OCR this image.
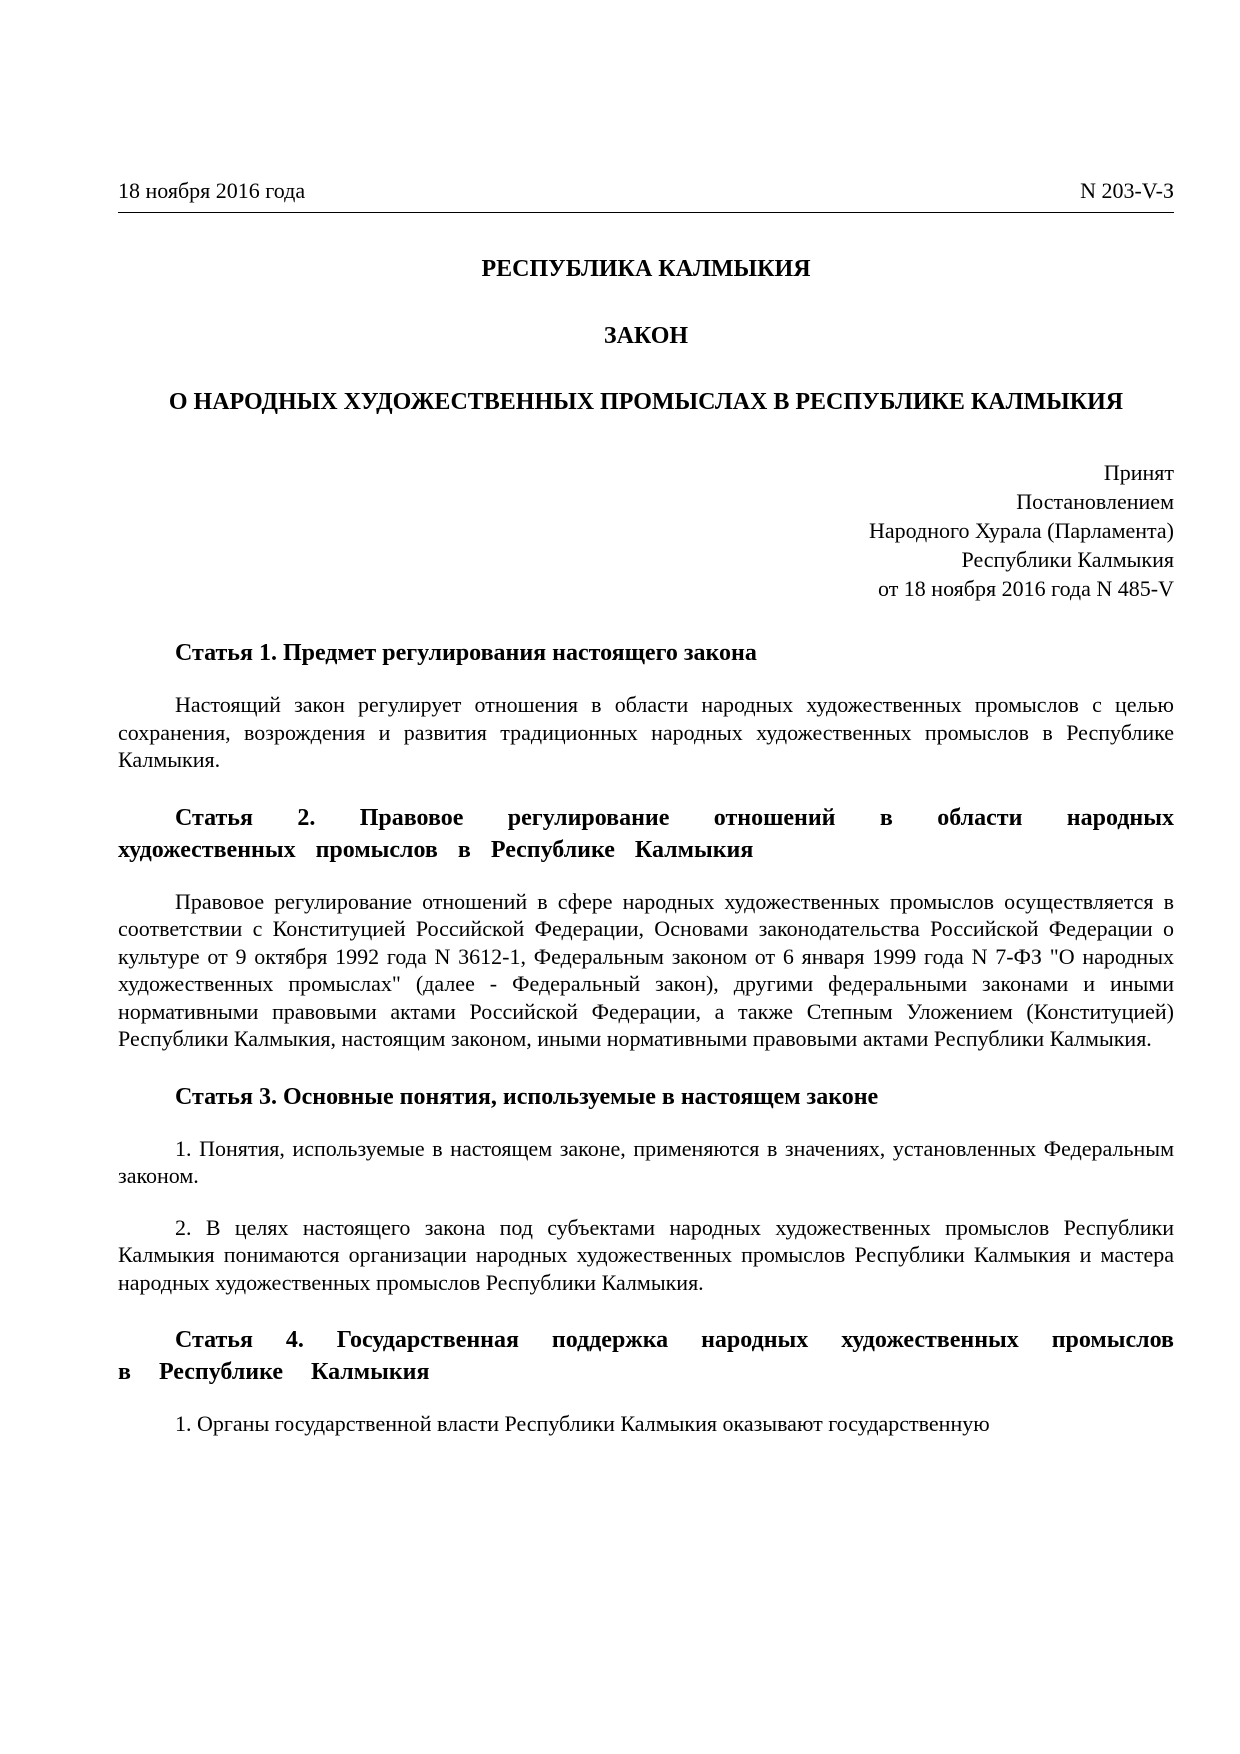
18 ноября 2016 года	N 203-V-З
РЕСПУБЛИКА КАЛМЫКИЯ
ЗАКОН
О НАРОДНЫХ ХУДОЖЕСТВЕННЫХ ПРОМЫСЛАХ В РЕСПУБЛИКЕ КАЛМЫКИЯ
Принят
Постановлением
Народного Хурала (Парламента)
Республики Калмыкия
от 18 ноября 2016 года N 485-V
Статья 1. Предмет регулирования настоящего закона

Настоящий закон регулирует отношения в области народных художественных промыслов с целью сохранения, возрождения и развития традиционных народных художественных промыслов в Республике Калмыкия.

Статья 2. Правовое регулирование отношений в области народных художественных промыслов в Республике Калмыкия

Правовое регулирование отношений в сфере народных художественных промыслов осуществляется в соответствии с Конституцией Российской Федерации, Основами законодательства Российской Федерации о культуре от 9 октября 1992 года N 3612-1, Федеральным законом от 6 января 1999 года N 7-ФЗ "О народных художественных промыслах" (далее - Федеральный закон), другими федеральными законами и иными нормативными правовыми актами Российской Федерации, а также Степным Уложением (Конституцией) Республики Калмыкия, настоящим законом, иными нормативными правовыми актами Республики Калмыкия.

Статья 3. Основные понятия, используемые в настоящем законе

1. Понятия, используемые в настоящем законе, применяются в значениях, установленных Федеральным законом.

2. В целях настоящего закона под субъектами народных художественных промыслов Республики Калмыкия понимаются организации народных художественных промыслов Республики Калмыкия и мастера народных художественных промыслов Республики Калмыкия.

Статья 4. Государственная поддержка народных художественных промыслов в Республике Калмыкия

1. Органы государственной власти Республики Калмыкия оказывают государственную
